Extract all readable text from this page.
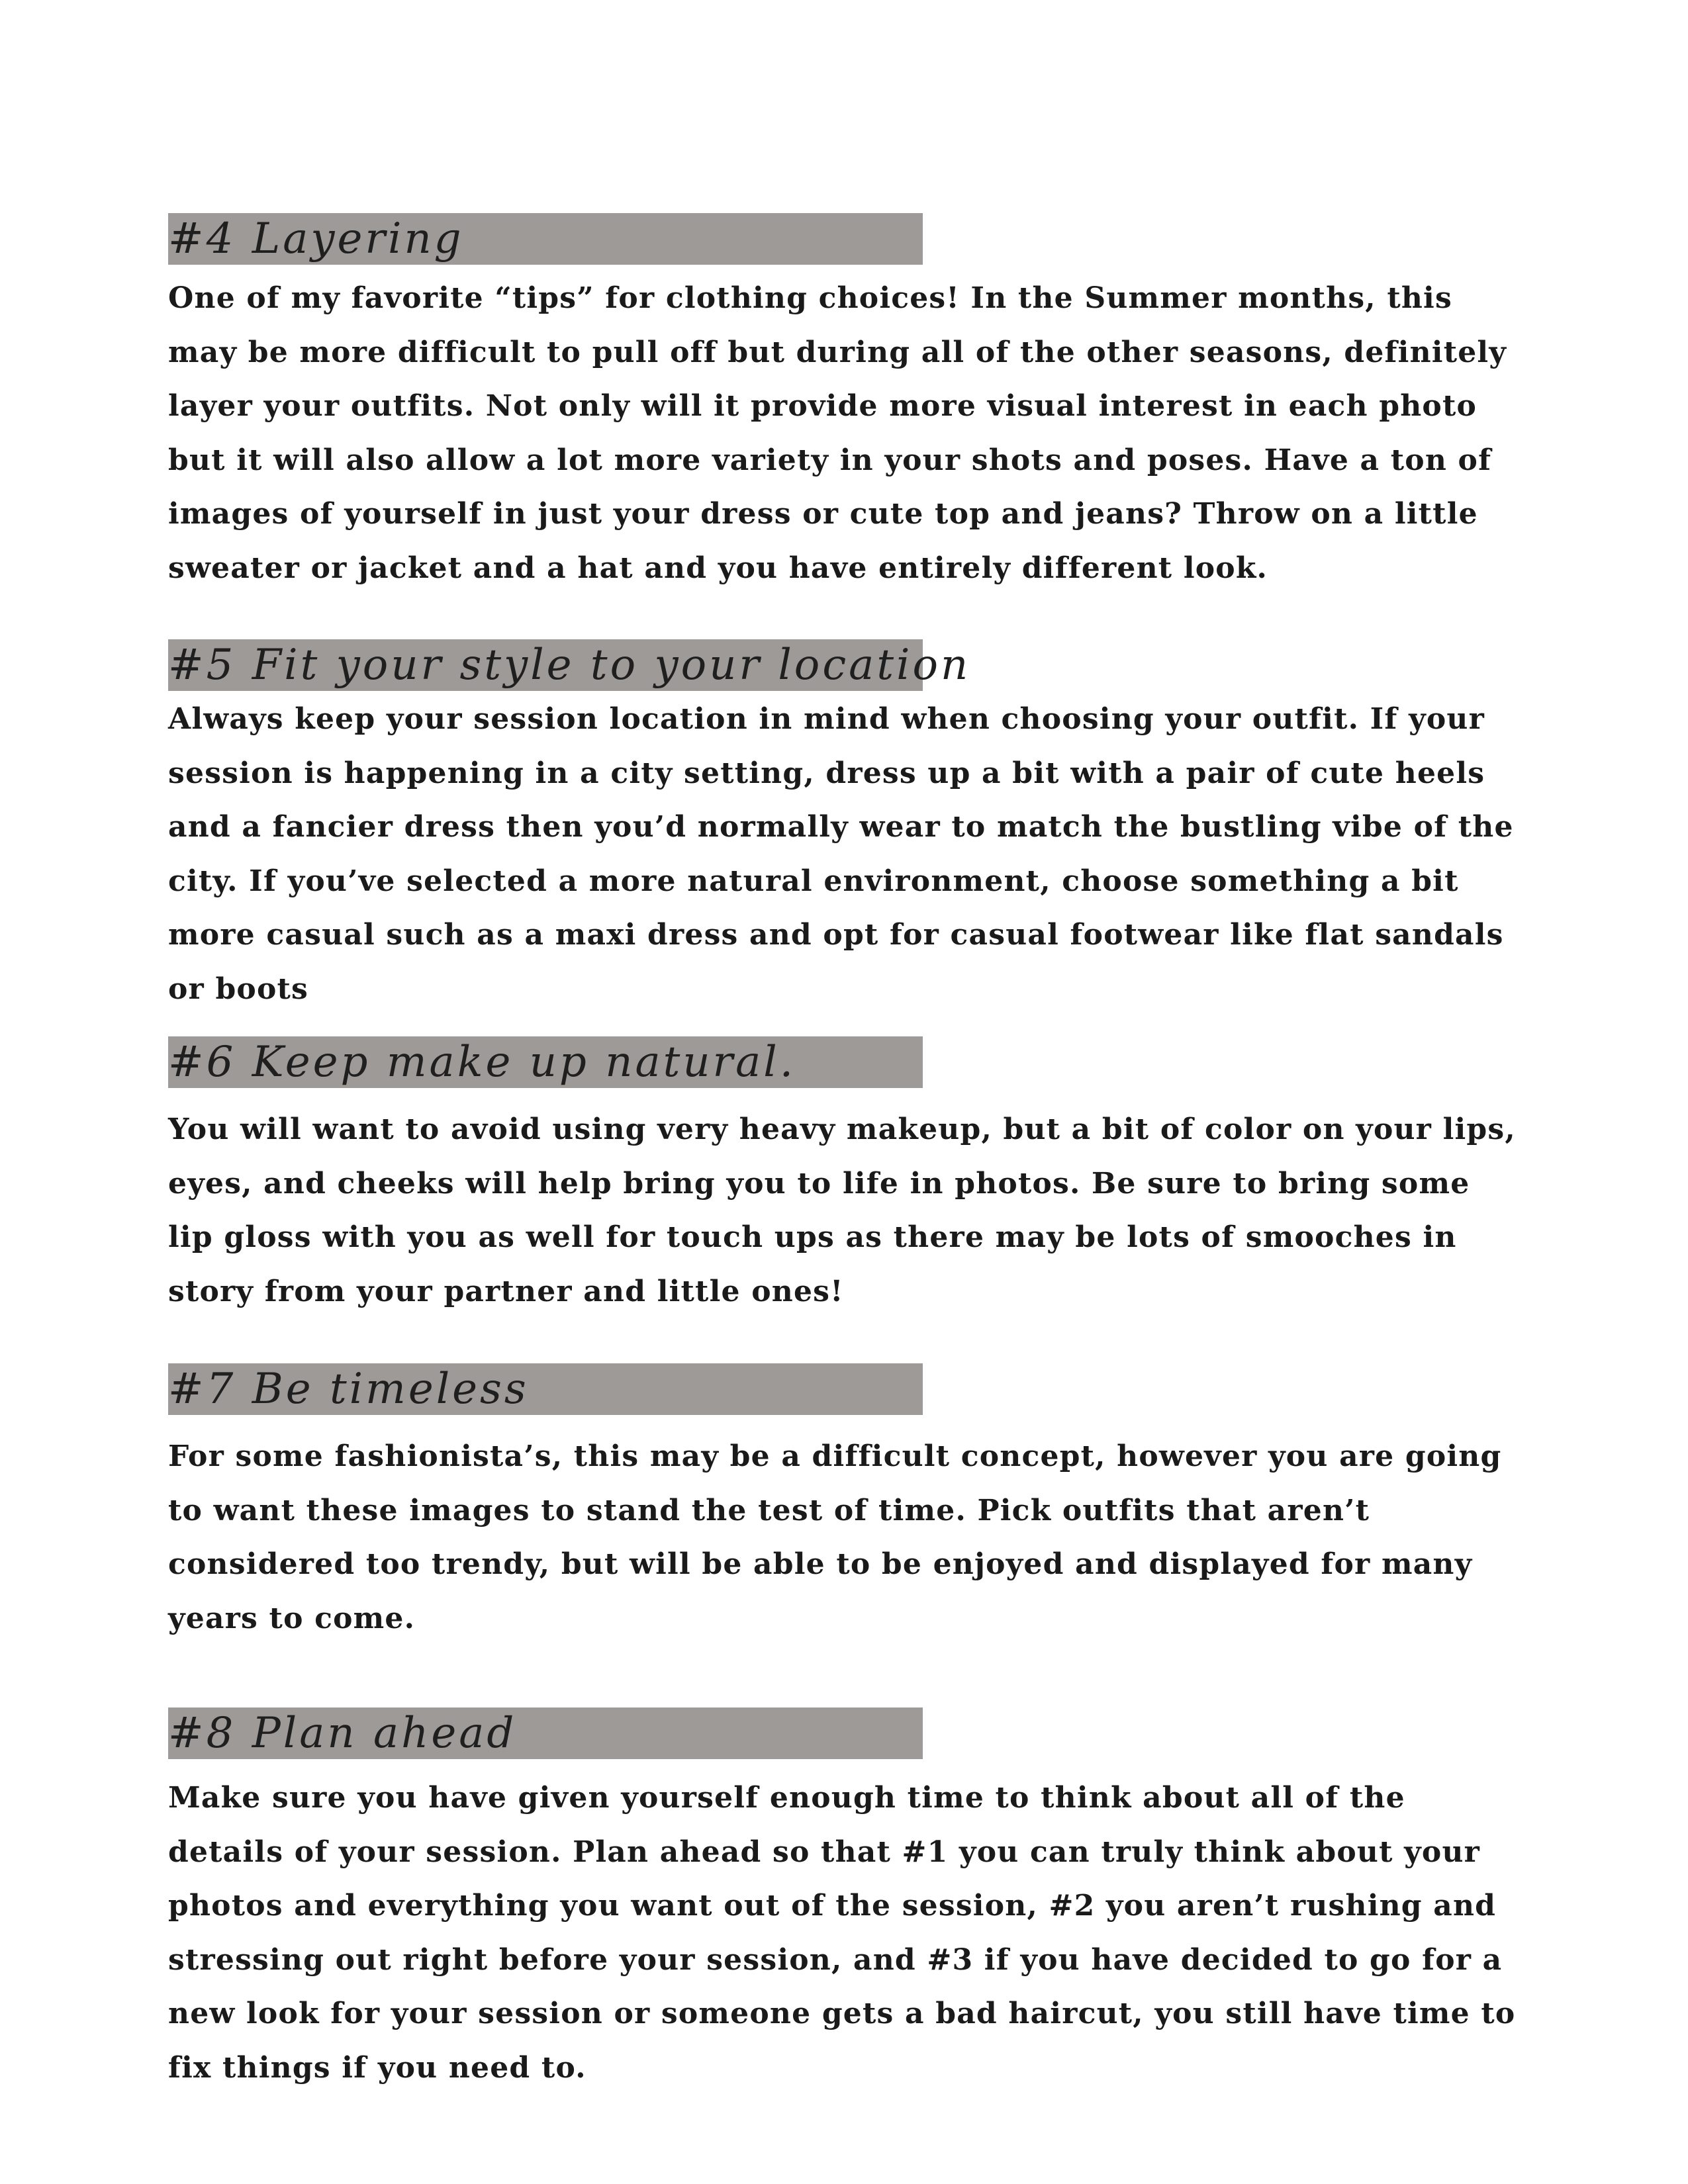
#4 Layering

One of my favorite “tips” for clothing choices! In the Summer months, this may be more difficult to pull off but during all of the other seasons, definitely layer your outfits. Not only will it provide more visual interest in each photo but it will also allow a lot more variety in your shots and poses. Have a ton of images of yourself in just your dress or cute top and jeans? Throw on a little sweater or jacket and a hat and you have entirely different look.

#5 Fit your style to your location

Always keep your session location in mind when choosing your outfit. If your session is happening in a city setting, dress up a bit with a pair of cute heels and a fancier dress then you’d normally wear to match the bustling vibe of the city. If you’ve selected a more natural environment, choose something a bit more casual such as a maxi dress and opt for casual footwear like flat sandals or boots

#6 Keep make up natural.

You will want to avoid using very heavy makeup, but a bit of color on your lips, eyes, and cheeks will help bring you to life in photos. Be sure to bring some lip gloss with you as well for touch ups as there may be lots of smooches in story from your partner and little ones!

#7 Be timeless

For some fashionista’s, this may be a difficult concept, however you are going to want these images to stand the test of time. Pick outfits that aren’t considered too trendy, but will be able to be enjoyed and displayed for many years to come.

#8 Plan ahead

Make sure you have given yourself enough time to think about all of the details of your session. Plan ahead so that #1 you can truly think about your photos and everything you want out of the session, #2 you aren’t rushing and stressing out right before your session, and #3 if you have decided to go for a new look for your session or someone gets a bad haircut, you still have time to fix things if you need to.
